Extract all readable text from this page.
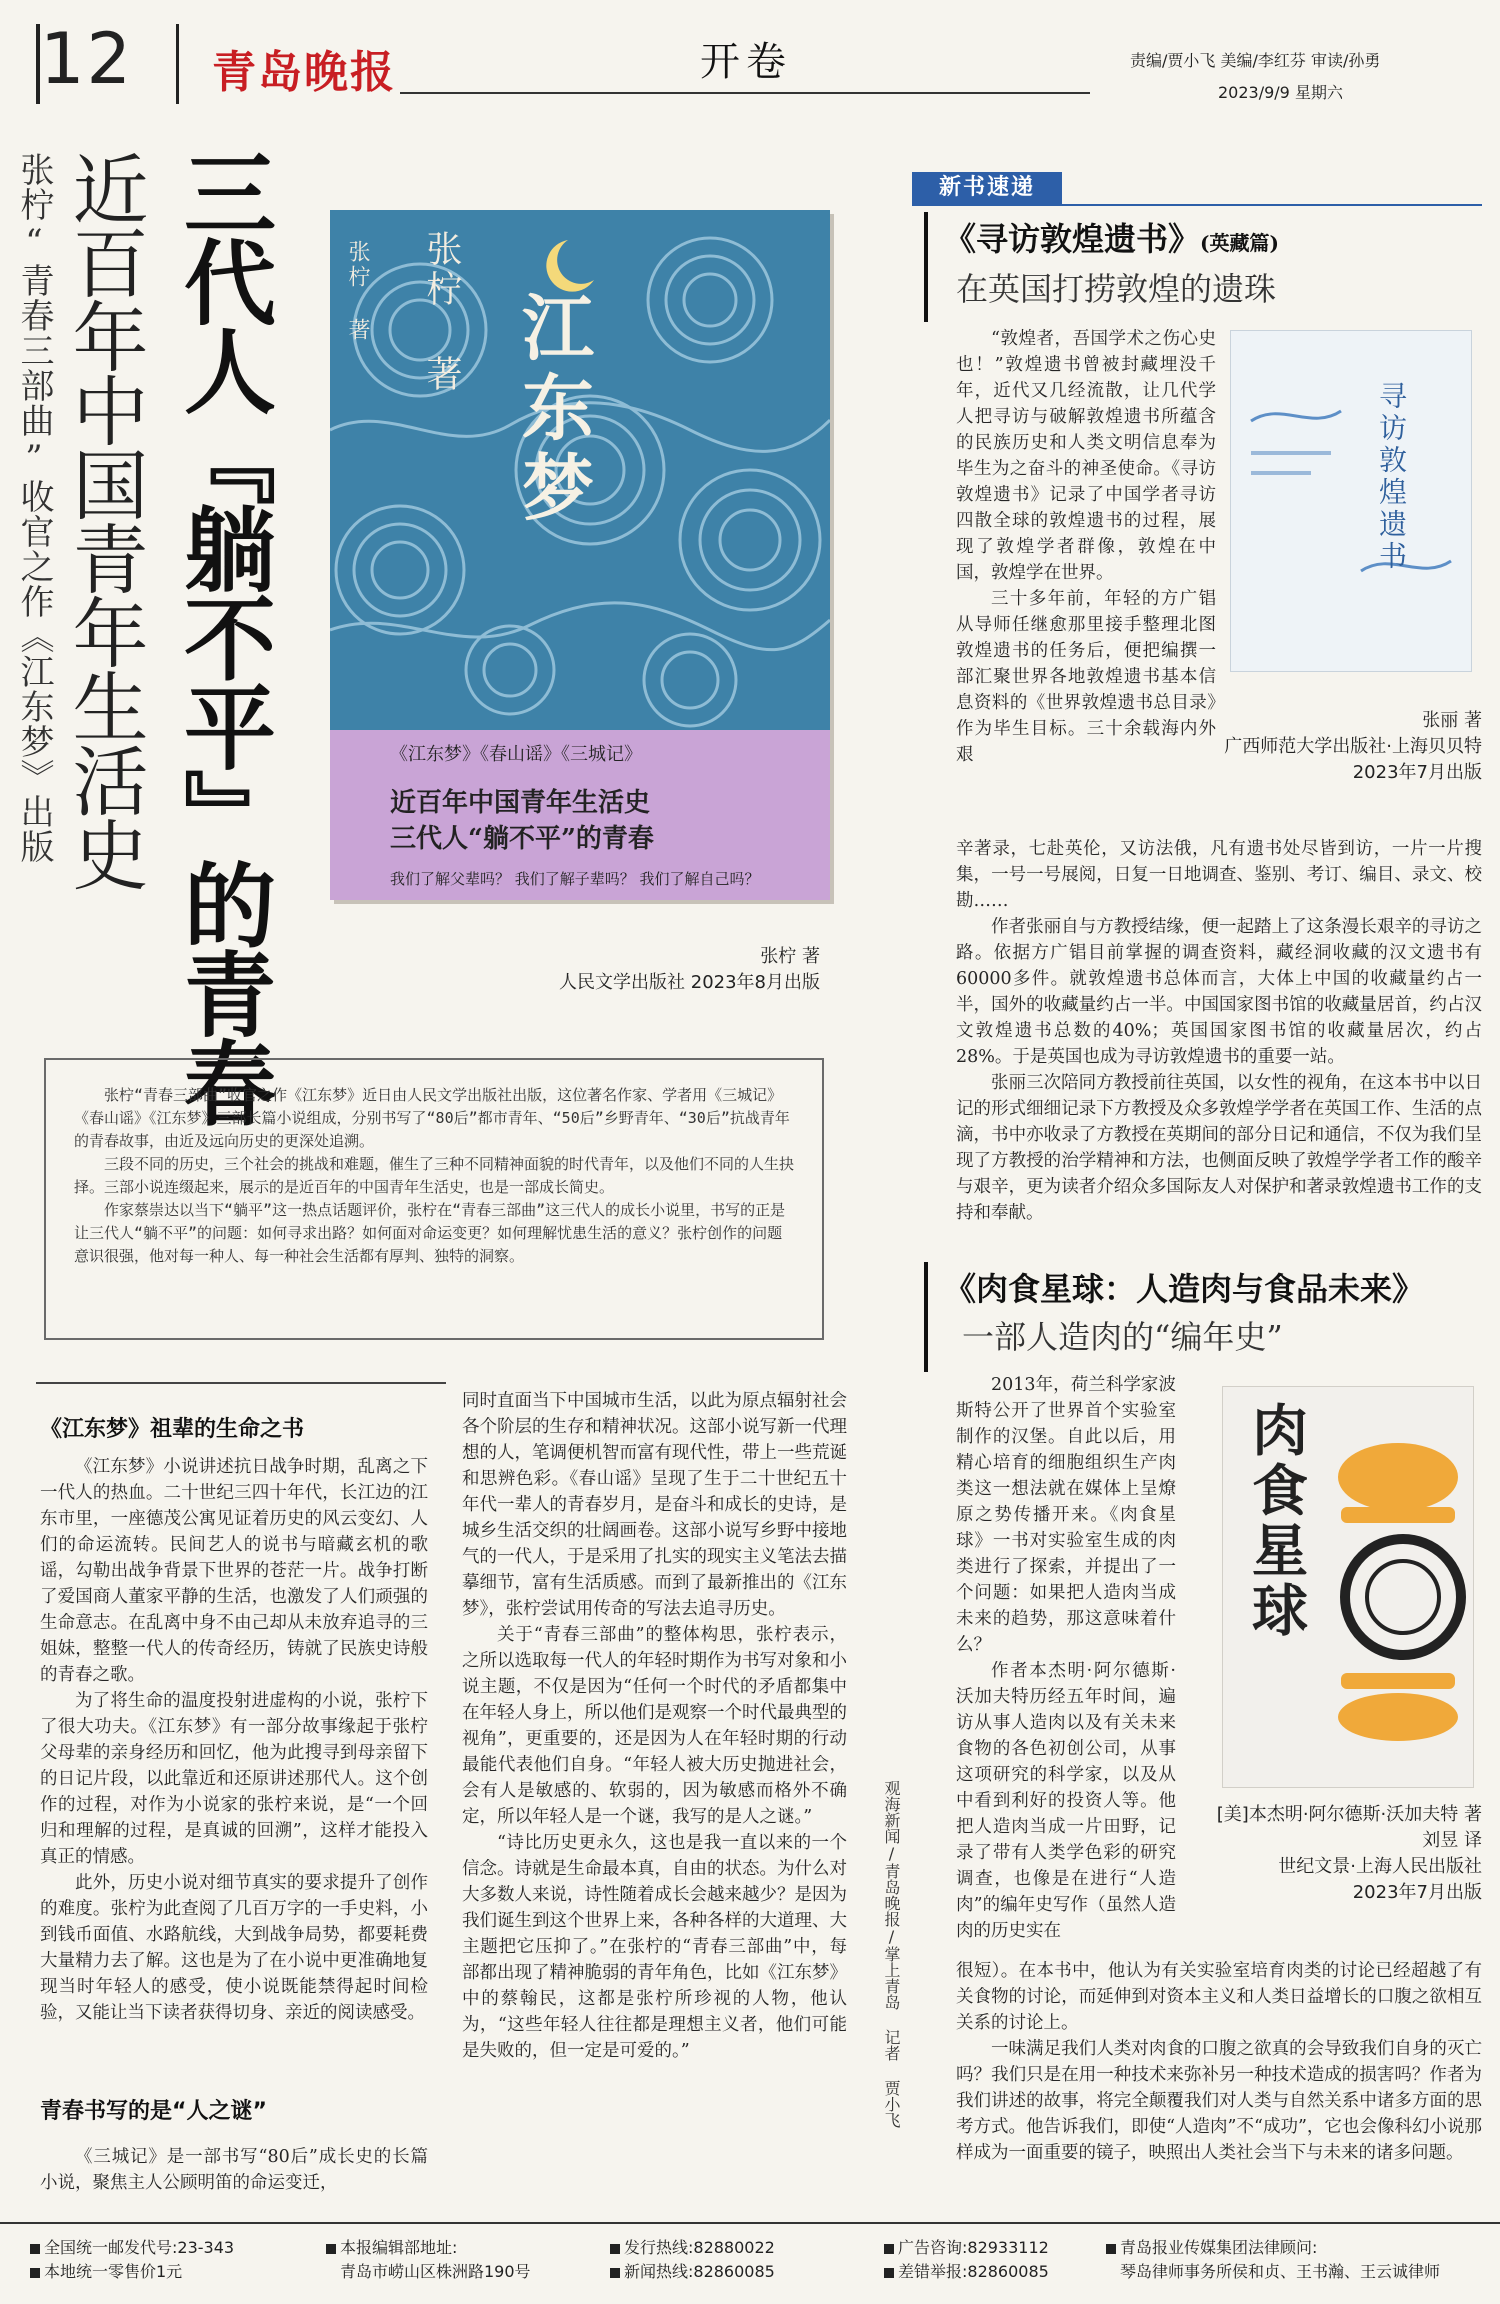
12 青岛晚报	开卷	责编/贾小飞 美编/李红芬 审读/孙勇
2023/9/9 星期六
张柠“青春三部曲”收官之作《江东梦》出版 近百年中国青年生活史 三代人『躺不平』的青春	张柠 著 张柠 著 江东梦
《江东梦》《春山谣》《三城记》
近百年中国青年生活史
三代人“躺不平”的青春
我们了解父辈吗？ 我们了解子辈吗？ 我们了解自己吗？
张柠 著
人民文学出版社 2023年8月出版

张柠“青春三部曲”收官之作《江东梦》近日由人民文学出版社出版，这位著名作家、学者用《三城记》《春山谣》《江东梦》三部长篇小说组成，分别书写了“80后”都市青年、“50后”乡野青年、“30后”抗战青年的青春故事，由近及远向历史的更深处追溯。

三段不同的历史，三个社会的挑战和难题，催生了三种不同精神面貌的时代青年，以及他们不同的人生抉择。三部小说连缀起来，展示的是近百年的中国青年生活史，也是一部成长简史。

作家蔡崇达以当下“躺平”这一热点话题评价，张柠在“青春三部曲”这三代人的成长小说里，书写的正是让三代人“躺不平”的问题：如何寻求出路？如何面对命运变更？如何理解忧患生活的意义？张柠创作的问题意识很强，他对每一种人、每一种社会生活都有厚判、独特的洞察。

《江东梦》祖辈的生命之书

《江东梦》小说讲述抗日战争时期，乱离之下一代人的热血。二十世纪三四十年代，长江边的江东市里，一座德茂公寓见证着历史的风云变幻、人们的命运流转。民间艺人的说书与暗藏玄机的歌谣，勾勒出战争背景下世界的苍茫一片。战争打断了爱国商人董家平静的生活，也激发了人们顽强的生命意志。在乱离中身不由己却从未放弃追寻的三姐妹，整整一代人的传奇经历，铸就了民族史诗般的青春之歌。

为了将生命的温度投射进虚构的小说，张柠下了很大功夫。《江东梦》有一部分故事缘起于张柠父母辈的亲身经历和回忆，他为此搜寻到母亲留下的日记片段，以此靠近和还原讲述那代人。这个创作的过程，对作为小说家的张柠来说，是“一个回归和理解的过程，是真诚的回溯”，这样才能投入真正的情感。

此外，历史小说对细节真实的要求提升了创作的难度。张柠为此查阅了几百万字的一手史料，小到钱币面值、水路航线，大到战争局势，都要耗费大量精力去了解。这也是为了在小说中更准确地复现当时年轻人的感受，使小说既能禁得起时间检验，又能让当下读者获得切身、亲近的阅读感受。

青春书写的是“人之谜”

《三城记》是一部书写“80后”成长史的长篇小说，聚焦主人公顾明笛的命运变迁，

同时直面当下中国城市生活，以此为原点辐射社会各个阶层的生存和精神状况。这部小说写新一代理想的人，笔调便机智而富有现代性，带上一些荒诞和思辨色彩。《春山谣》呈现了生于二十世纪五十年代一辈人的青春岁月，是奋斗和成长的史诗，是城乡生活交织的壮阔画卷。这部小说写乡野中接地气的一代人，于是采用了扎实的现实主义笔法去描摹细节，富有生活质感。而到了最新推出的《江东梦》，张柠尝试用传奇的写法去追寻历史。

关于“青春三部曲”的整体构思，张柠表示，之所以选取每一代人的年轻时期作为书写对象和小说主题，不仅是因为“任何一个时代的矛盾都集中在年轻人身上，所以他们是观察一个时代最典型的视角”，更重要的，还是因为人在年轻时期的行动最能代表他们自身。“年轻人被大历史抛进社会，会有人是敏感的、软弱的，因为敏感而格外不确定，所以年轻人是一个谜，我写的是人之谜。”

“诗比历史更永久，这也是我一直以来的一个信念。诗就是生命最本真，自由的状态。为什么对大多数人来说，诗性随着成长会越来越少？是因为我们诞生到这个世界上来，各种各样的大道理、大主题把它压抑了。”在张柠的“青春三部曲”中，每部都出现了精神脆弱的青年角色，比如《江东梦》中的蔡翰民，这都是张柠所珍视的人物，他认为，“这些年轻人往往都是理想主义者，他们可能是失败的，但一定是可爱的。”	观海新闻/青岛晚报/掌上青岛 记者 贾小飞
新书速递
《寻访敦煌遗书》(英藏篇)
在英国打捞敦煌的遗珠
寻访敦煌遗书
张丽 著
广西师范大学出版社·上海贝贝特
2023年7月出版

“敦煌者，吾国学术之伤心史也！”敦煌遗书曾被封藏埋没千年，近代又几经流散，让几代学人把寻访与破解敦煌遗书所蕴含的民族历史和人类文明信息奉为毕生为之奋斗的神圣使命。《寻访敦煌遗书》记录了中国学者寻访四散全球的敦煌遗书的过程，展现了敦煌学者群像，敦煌在中国，敦煌学在世界。

三十多年前，年轻的方广锠从导师任继愈那里接手整理北图敦煌遗书的任务后，便把编撰一部汇聚世界各地敦煌遗书基本信息资料的《世界敦煌遗书总目录》作为毕生目标。三十余载海内外艰

辛著录，七赴英伦，又访法俄，凡有遗书处尽皆到访，一片一片搜集，一号一号展阅，日复一日地调查、鉴别、考订、编目、录文、校勘……

作者张丽自与方教授结缘，便一起踏上了这条漫长艰辛的寻访之路。依据方广锠目前掌握的调查资料，藏经洞收藏的汉文遗书有60000多件。就敦煌遗书总体而言，大体上中国的收藏量约占一半，国外的收藏量约占一半。中国国家图书馆的收藏量居首，约占汉文敦煌遗书总数的40%；英国国家图书馆的收藏量居次，约占28%。于是英国也成为寻访敦煌遗书的重要一站。

张丽三次陪同方教授前往英国，以女性的视角，在这本书中以日记的形式细细记录下方教授及众多敦煌学学者在英国工作、生活的点滴，书中亦收录了方教授在英期间的部分日记和通信，不仅为我们呈现了方教授的治学精神和方法，也侧面反映了敦煌学学者工作的酸辛与艰辛，更为读者介绍众多国际友人对保护和著录敦煌遗书工作的支持和奉献。

《肉食星球：人造肉与食品未来》
一部人造肉的“编年史”
肉食星球
[美]本杰明·阿尔德斯·沃加夫特 著
刘昱 译
世纪文景·上海人民出版社
2023年7月出版

2013年，荷兰科学家波斯特公开了世界首个实验室制作的汉堡。自此以后，用精心培育的细胞组织生产肉类这一想法就在媒体上呈燎原之势传播开来。《肉食星球》一书对实验室生成的肉类进行了探索，并提出了一个问题：如果把人造肉当成未来的趋势，那这意味着什么？

作者本杰明·阿尔德斯·沃加夫特历经五年时间，遍访从事人造肉以及有关未来食物的各色初创公司，从事这项研究的科学家，以及从中看到利好的投资人等。他把人造肉当成一片田野，记录了带有人类学色彩的研究调查，也像是在进行“人造肉”的编年史写作（虽然人造肉的历史实在

很短）。在本书中，他认为有关实验室培育肉类的讨论已经超越了有关食物的讨论，而延伸到对资本主义和人类日益增长的口腹之欲相互关系的讨论上。

一味满足我们人类对肉食的口腹之欲真的会导致我们自身的灭亡吗？我们只是在用一种技术来弥补另一种技术造成的损害吗？作者为我们讲述的故事，将完全颠覆我们对人类与自然关系中诸多方面的思考方式。他告诉我们，即使“人造肉”不“成功”，它也会像科幻小说那样成为一面重要的镜子，映照出人类社会当下与未来的诸多问题。

全国统一邮发代号:23-343
本地统一零售价1元
本报编辑部地址:
青岛市崂山区株洲路190号
发行热线:82880022
新闻热线:82860085
广告咨询:82933112
差错举报:82860085
青岛报业传媒集团法律顾问:
琴岛律师事务所侯和贞、王书瀚、王云诚律师
